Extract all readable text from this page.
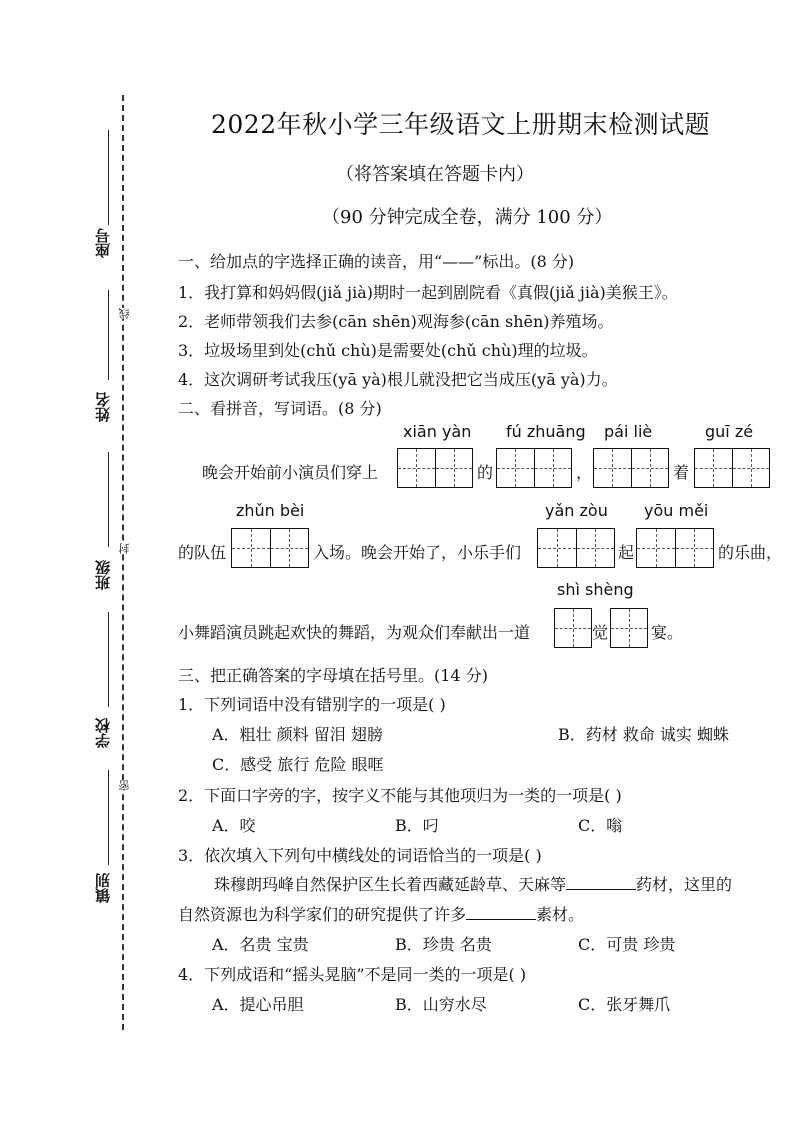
座号
线
姓名
封
班级
学校
密
镇别
2022年秋小学三年级语文上册期末检测试题
（将答案填在答题卡内）
（90 分钟完成全卷，满分 100 分）
一、给加点的字选择正确的读音，用“——”标出。(8 分)
1．我打算和妈妈假(jiǎ jià)期时一起到剧院看《真假(jiǎ jià)美猴王》。
2．老师带领我们去参(cān shēn)观海参(cān shēn)养殖场。
3．垃圾场里到处(chǔ chù)是需要处(chǔ chù)理的垃圾。
4．这次调研考试我压(yā yà)根儿就没把它当成压(yā yà)力。
二、看拼音，写词语。(8 分)
xiān yàn fú zhuāng pái liè	guī zé
晚会开始前小演员们穿上	的	，	着
zhǔn bèi	yǎn zòu yōu měi
的队伍	入场。晚会开始了，小乐手们	起	的乐曲，
shì shèng
小舞蹈演员跳起欢快的舞蹈，为观众们奉献出一道	觉	宴。
三、把正确答案的字母填在括号里。(14 分)
1．下列词语中没有错别字的一项是( )
A．粗壮 颜料 留泪 翅膀	B．药材 救命 诚实 蜘蛛
C．感受 旅行 危险 眼哐
2．下面口字旁的字，按字义不能与其他项归为一类的一项是( )
A．咬	B．叼	C．嗡
3．依次填入下列句中横线处的词语恰当的一项是( )
珠穆朗玛峰自然保护区生长着西藏延龄草、天麻等	药材，这里的
自然资源也为科学家们的研究提供了许多	素材。
A．名贵 宝贵	B．珍贵 名贵	C．可贵 珍贵
4．下列成语和“摇头晃脑”不是同一类的一项是( )
A．提心吊胆	B．山穷水尽	C．张牙舞爪
